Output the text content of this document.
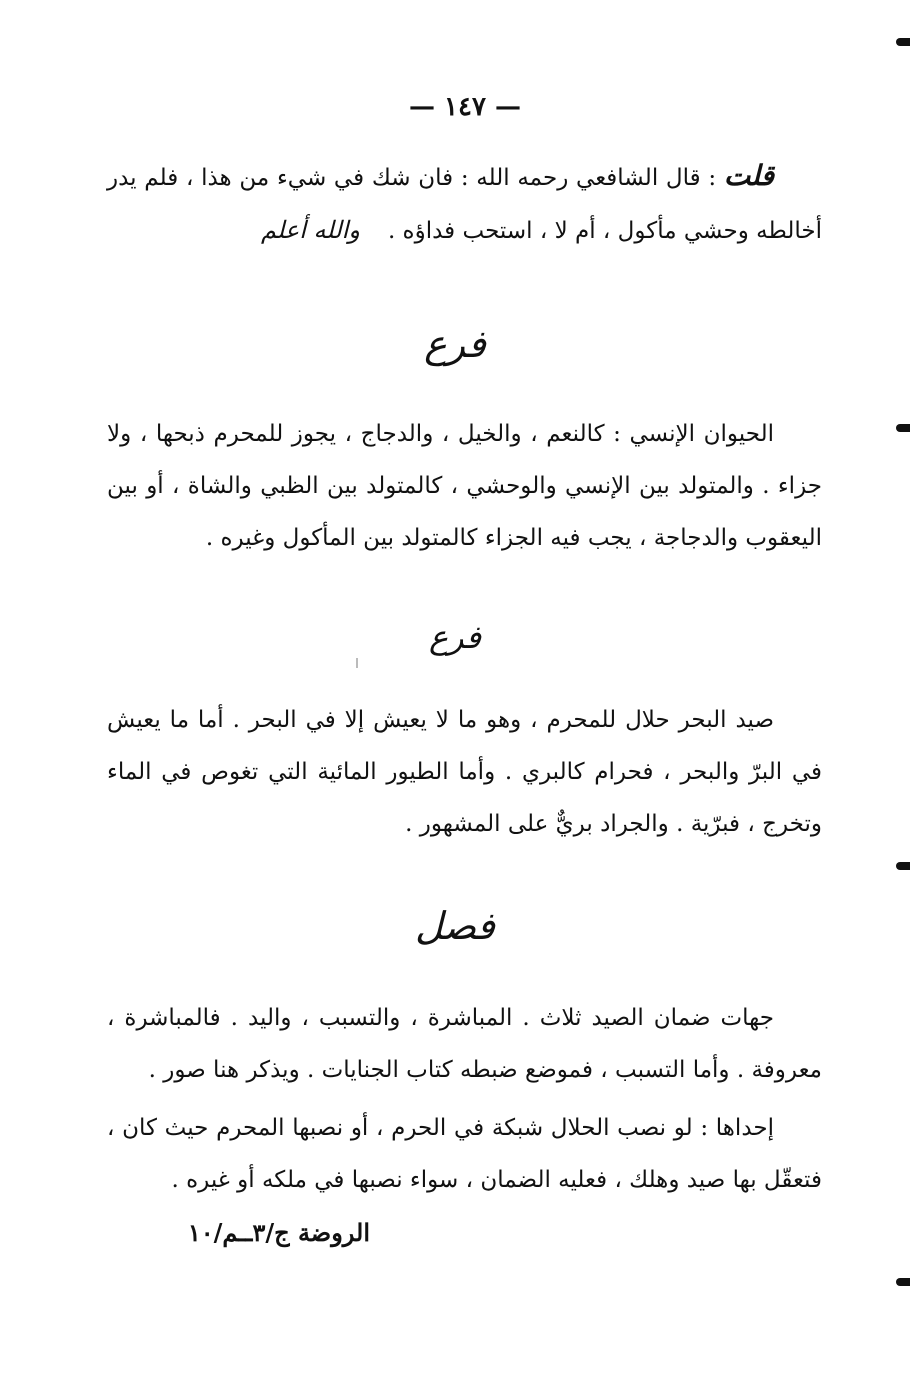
— ١٤٧ —

قلت : قال الشافعي رحمه الله : فان شك في شيء من هذا ، فلم يدر أخالطه وحشي مأكول ، أم لا ، استحب فداؤه .والله أعلم

فرع

الحيوان الإنسي : كالنعم ، والخيل ، والدجاج ، يجوز للمحرم ذبحها ، ولا جزاء . والمتولد بين الإنسي والوحشي ، كالمتولد بين الظبي والشاة ، أو بين اليعقوب والدجاجة ، يجب فيه الجزاء كالمتولد بين المأكول وغيره .

فرع

صيد البحر حلال للمحرم ، وهو ما لا يعيش إلا في البحر . أما ما يعيش في البرّ والبحر ، فحرام كالبري . وأما الطيور المائية التي تغوص في الماء وتخرج ، فبرّية . والجراد بريٌّ على المشهور .

فصل

جهات ضمان الصيد ثلاث . المباشرة ، والتسبب ، واليد . فالمباشرة ، معروفة . وأما التسبب ، فموضع ضبطه كتاب الجنايات . ويذكر هنا صور .

إحداها : لو نصب الحلال شبكة في الحرم ، أو نصبها المحرم حيث كان ، فتعقّل بها صيد وهلك ، فعليه الضمان ، سواء نصبها في ملكه أو غيره .

الروضة ج/٣ــم/١٠
